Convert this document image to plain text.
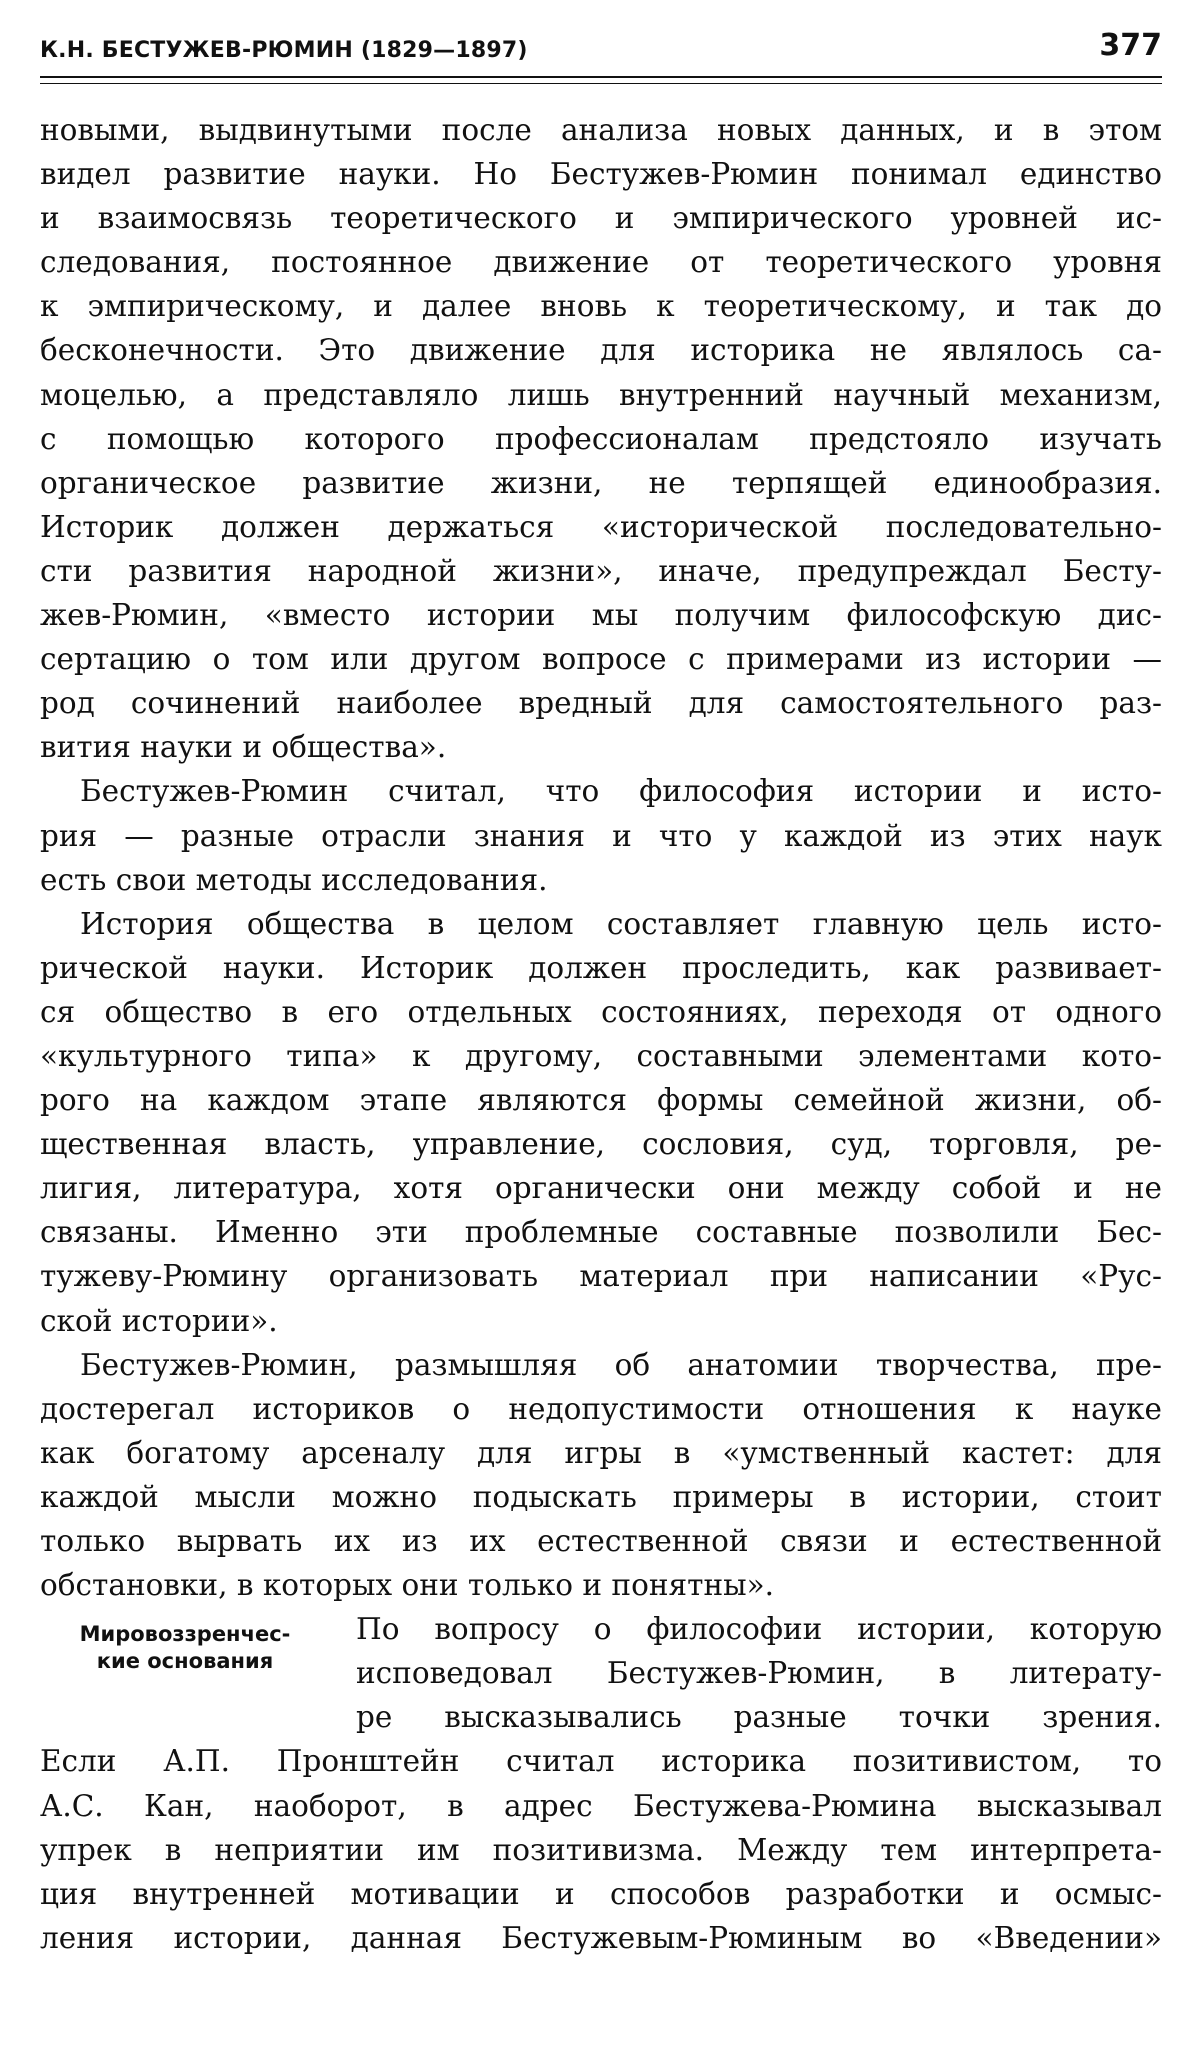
К.Н. БЕСТУЖЕВ-РЮМИН (1829—1897)	377
новыми, выдвинутыми после анализа новых данных, и в этом
видел развитие науки. Но Бестужев-Рюмин понимал единство
и взаимосвязь теоретического и эмпирического уровней ис-
следования, постоянное движение от теоретического уровня
к эмпирическому, и далее вновь к теоретическому, и так до
бесконечности. Это движение для историка не являлось са-
моцелью, а представляло лишь внутренний научный механизм,
с помощью которого профессионалам предстояло изучать
органическое развитие жизни, не терпящей единообразия.
Историк должен держаться «исторической последовательно-
сти развития народной жизни», иначе, предупреждал Бесту-
жев-Рюмин, «вместо истории мы получим философскую дис-
сертацию о том или другом вопросе с примерами из истории —
род сочинений наиболее вредный для самостоятельного раз-
вития науки и общества».
Бестужев-Рюмин считал, что философия истории и исто-
рия — разные отрасли знания и что у каждой из этих наук
есть свои методы исследования.
История общества в целом составляет главную цель исто-
рической науки. Историк должен проследить, как развивает-
ся общество в его отдельных состояниях, переходя от одного
«культурного типа» к другому, составными элементами кото-
рого на каждом этапе являются формы семейной жизни, об-
щественная власть, управление, сословия, суд, торговля, ре-
лигия, литература, хотя органически они между собой и не
связаны. Именно эти проблемные составные позволили Бес-
тужеву-Рюмину организовать материал при написании «Рус-
ской истории».
Бестужев-Рюмин, размышляя об анатомии творчества, пре-
достерегал историков о недопустимости отношения к науке
как богатому арсеналу для игры в «умственный кастет: для
каждой мысли можно подыскать примеры в истории, стоит
только вырвать их из их естественной связи и естественной
обстановки, в которых они только и понятны».
Мировоззренчес-
кие основания
По вопросу о философии истории, которую
исповедовал Бестужев-Рюмин, в литерату-
ре высказывались разные точки зрения.
Если А.П. Пронштейн считал историка позитивистом, то
А.С. Кан, наоборот, в адрес Бестужева-Рюмина высказывал
упрек в неприятии им позитивизма. Между тем интерпрета-
ция внутренней мотивации и способов разработки и осмыс-
ления истории, данная Бестужевым-Рюминым во «Введении»
